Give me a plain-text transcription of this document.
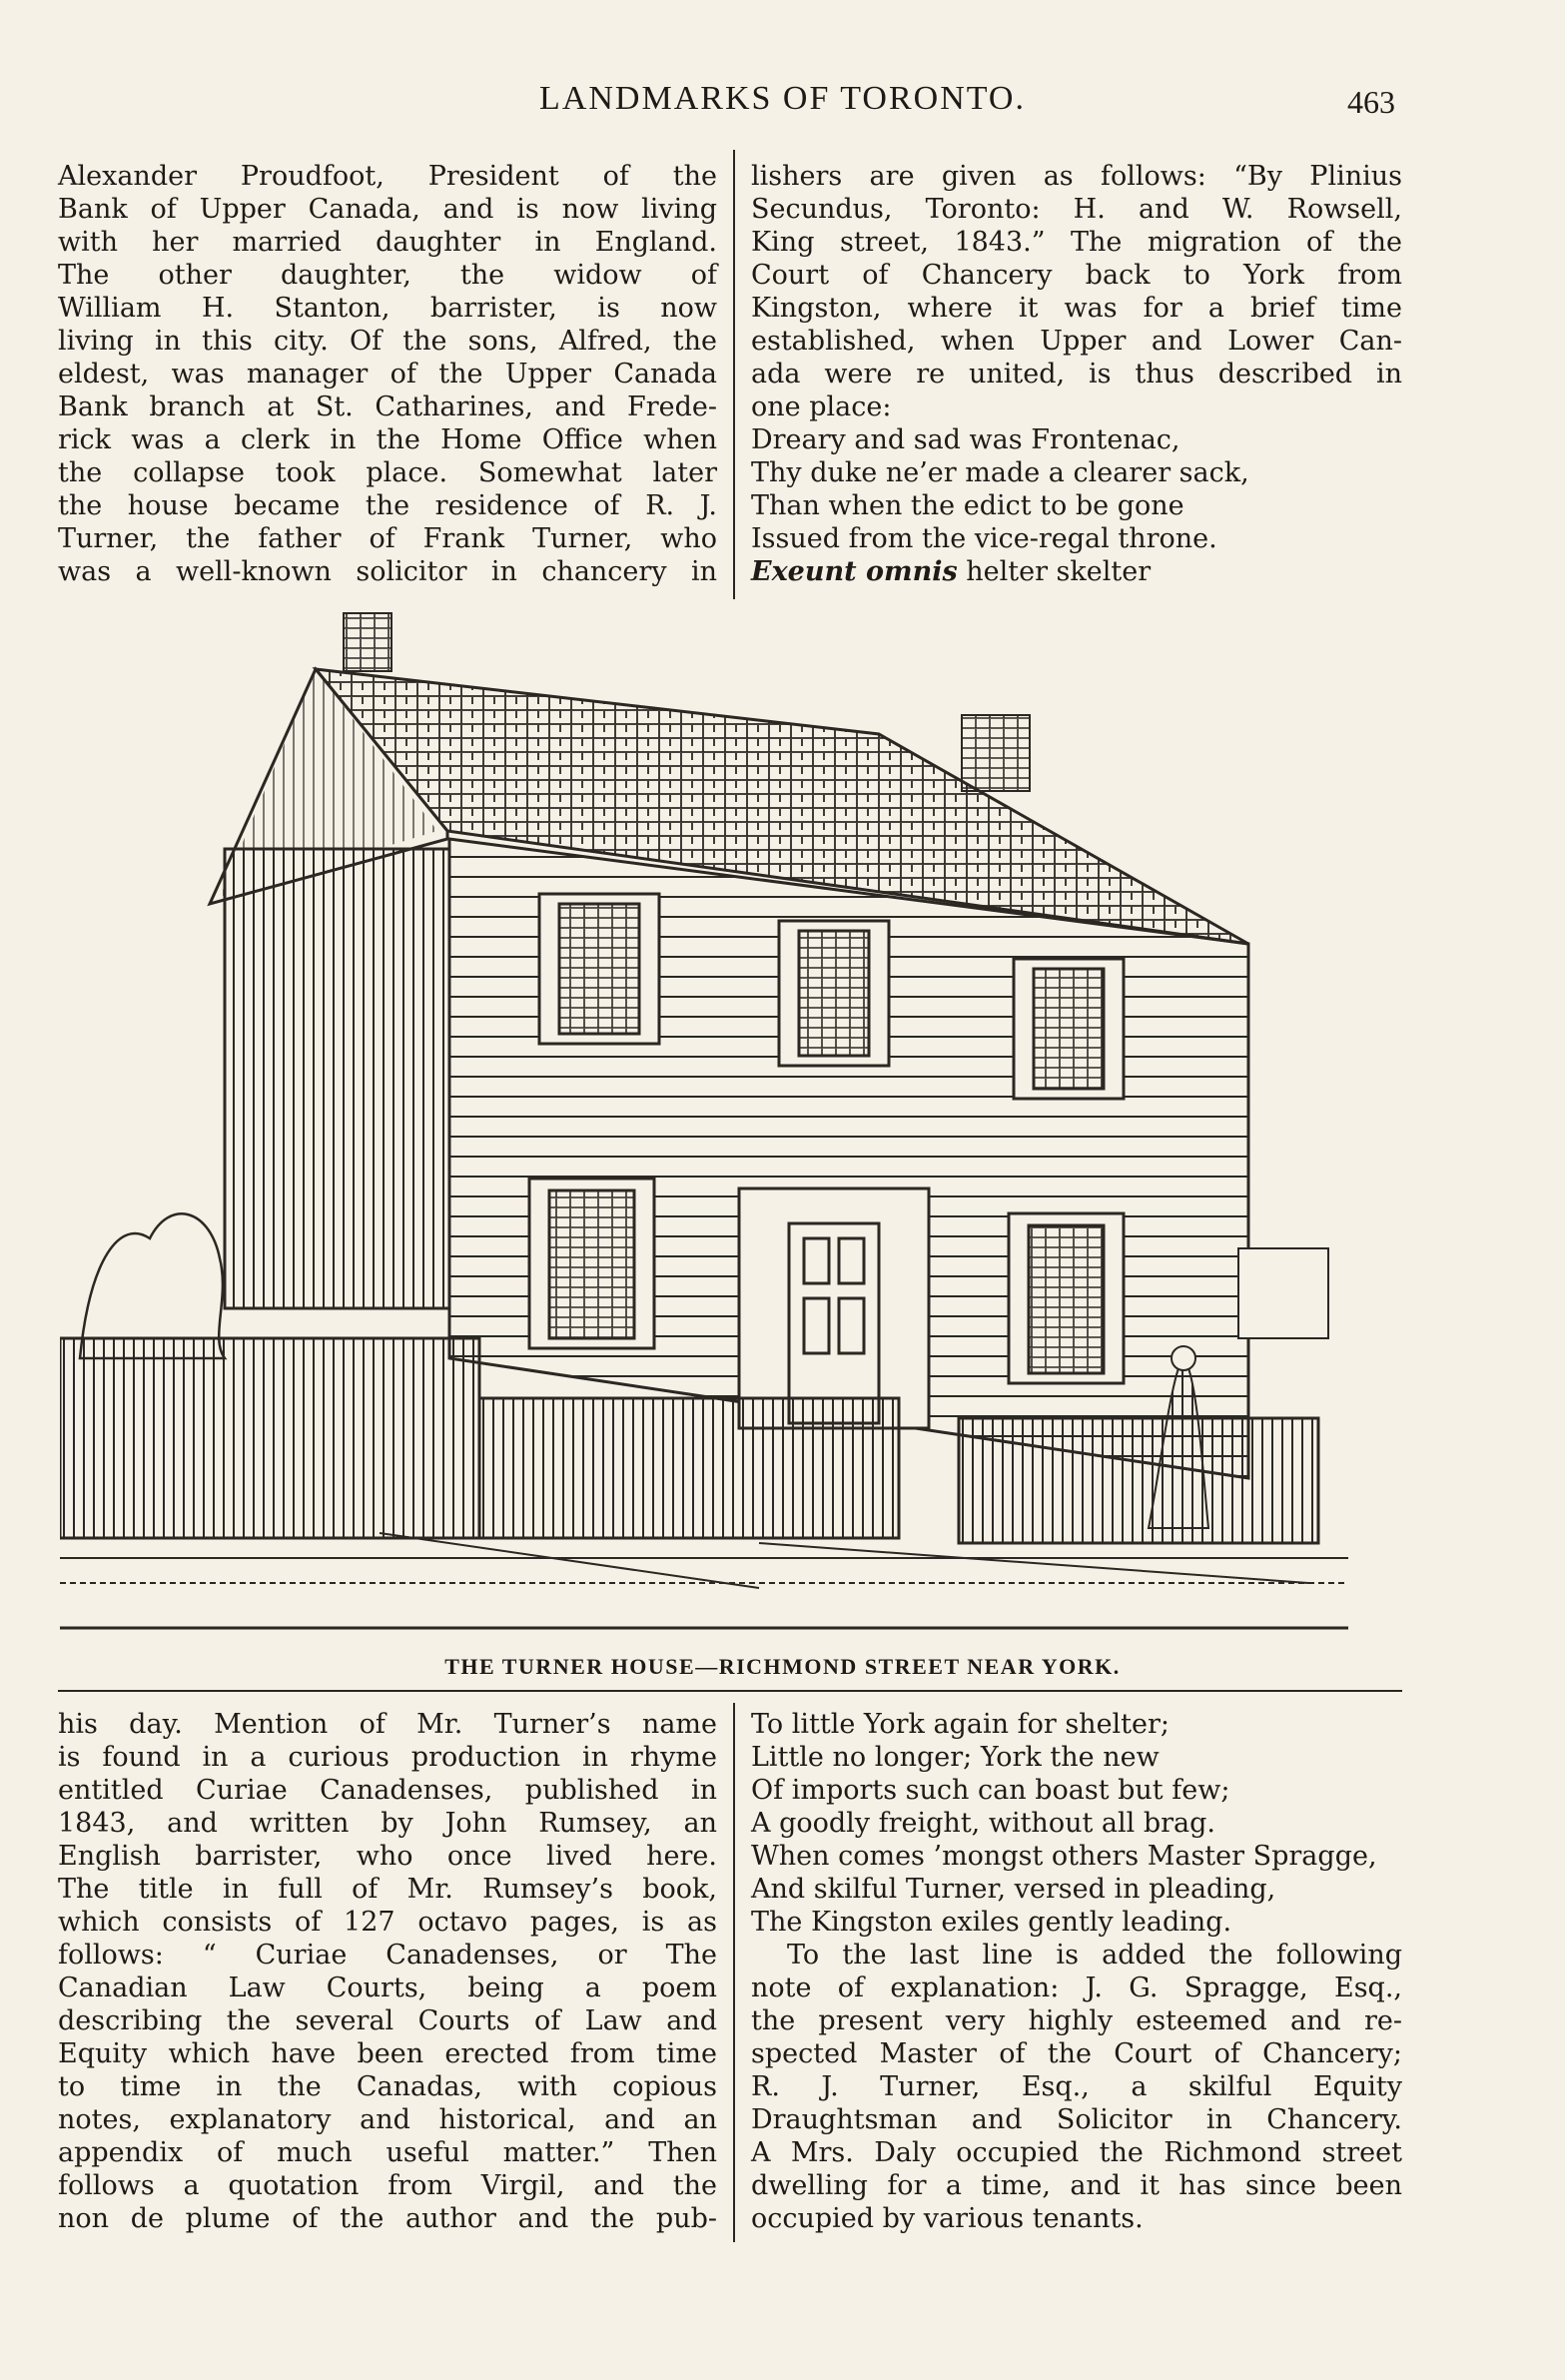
LANDMARKS OF TORONTO.	463
Alexander Proudfoot, President of the
Bank of Upper Canada, and is now living
with her married daughter in England.
The other daughter, the widow of
William H. Stanton, barrister, is now
living in this city. Of the sons, Alfred, the
eldest, was manager of the Upper Canada
Bank branch at St. Catharines, and Frede-
rick was a clerk in the Home Office when
the collapse took place. Somewhat later
the house became the residence of R. J.
Turner, the father of Frank Turner, who
was a well-known solicitor in chancery in
lishers are given as follows: “By Plinius
Secundus, Toronto: H. and W. Rowsell,
King street, 1843.” The migration of the
Court of Chancery back to York from
Kingston, where it was for a brief time
established, when Upper and Lower Can-
ada were re united, is thus described in
one place:
Dreary and sad was Frontenac,
Thy duke ne’er made a clearer sack,
Than when the edict to be gone
Issued from the vice-regal throne.
Exeunt omnis helter skelter
THE TURNER HOUSE—RICHMOND STREET NEAR YORK.
his day. Mention of Mr. Turner’s name
is found in a curious production in rhyme
entitled Curiae Canadenses, published in
1843, and written by John Rumsey, an
English barrister, who once lived here.
The title in full of Mr. Rumsey’s book,
which consists of 127 octavo pages, is as
follows: “ Curiae Canadenses, or The
Canadian Law Courts, being a poem
describing the several Courts of Law and
Equity which have been erected from time
to time in the Canadas, with copious
notes, explanatory and historical, and an
appendix of much useful matter.” Then
follows a quotation from Virgil, and the
non de plume of the author and the pub-
To little York again for shelter;
Little no longer; York the new
Of imports such can boast but few;
A goodly freight, without all brag.
When comes ’mongst others Master Spragge,
And skilful Turner, versed in pleading,
The Kingston exiles gently leading.
To the last line is added the following
note of explanation: J. G. Spragge, Esq.,
the present very highly esteemed and re-
spected Master of the Court of Chancery;
R. J. Turner, Esq., a skilful Equity
Draughtsman and Solicitor in Chancery.
A Mrs. Daly occupied the Richmond street
dwelling for a time, and it has since been
occupied by various tenants.
